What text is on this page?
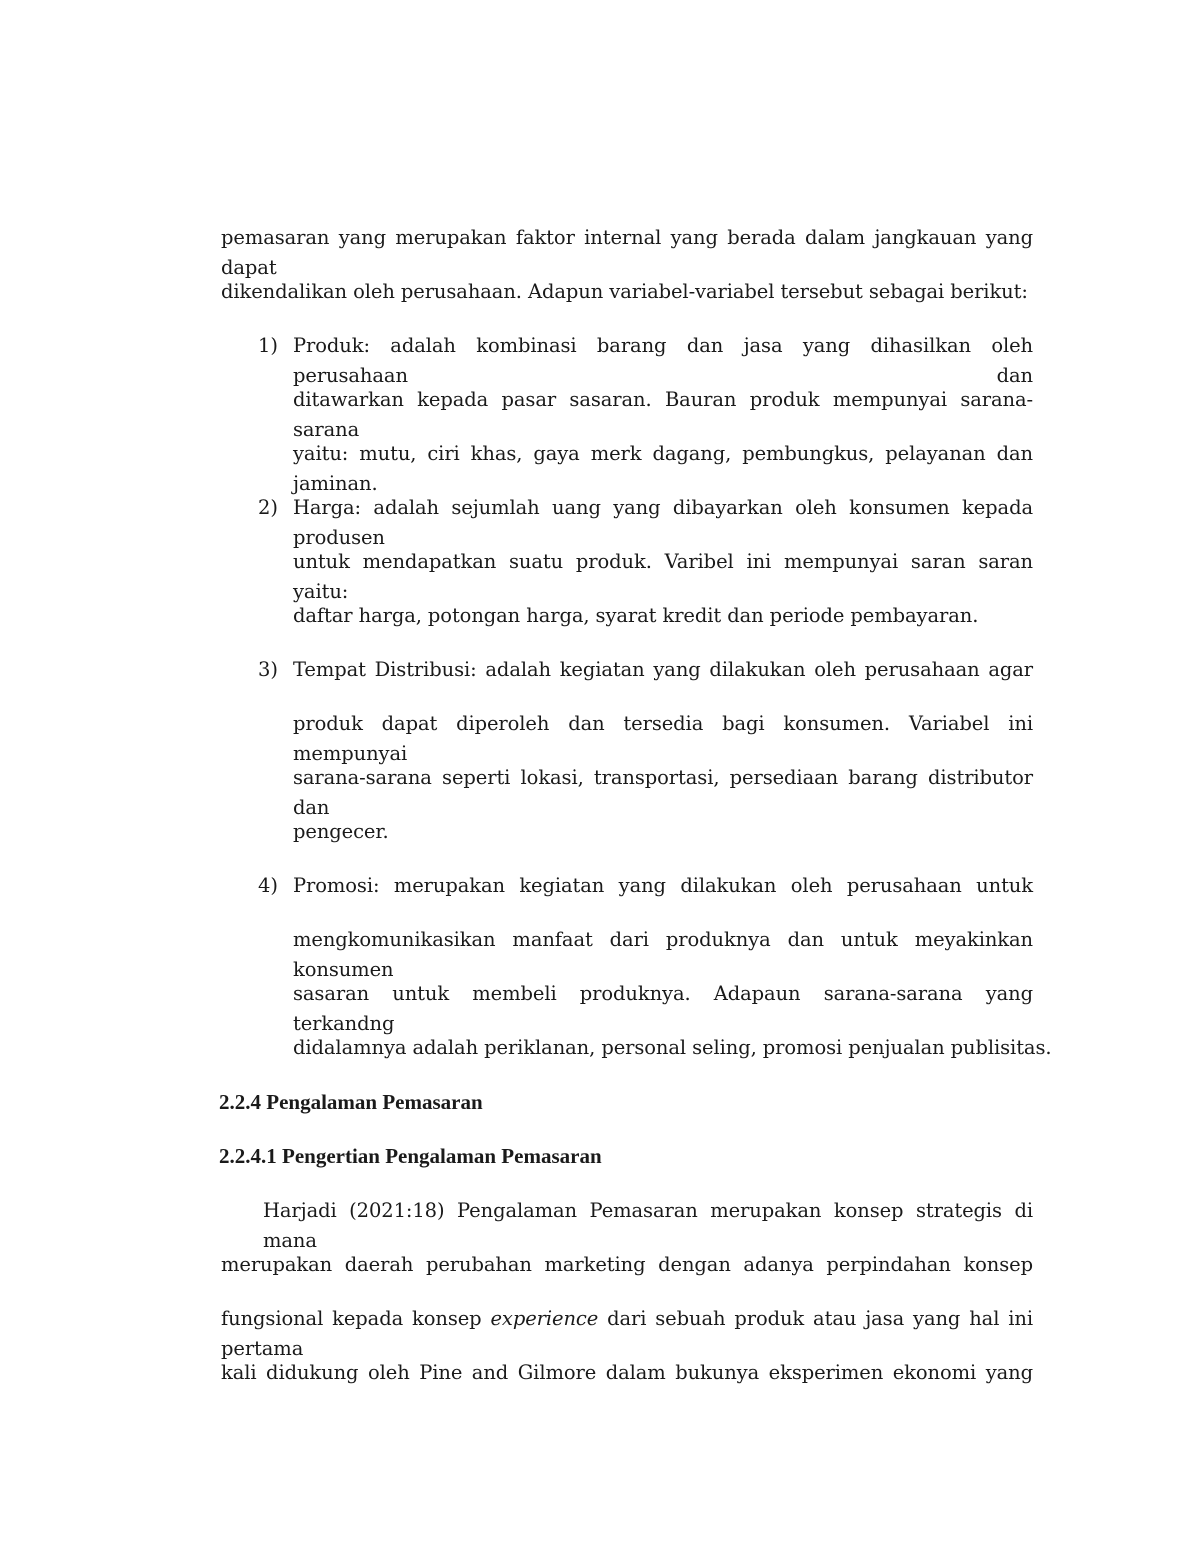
pemasaran yang merupakan faktor internal yang berada dalam jangkauan yang dapat
dikendalikan oleh perusahaan. Adapun variabel-variabel tersebut sebagai berikut:
1) Produk: adalah kombinasi barang dan jasa yang dihasilkan oleh perusahaan dan
ditawarkan kepada pasar sasaran. Bauran produk mempunyai sarana-sarana
yaitu: mutu, ciri khas, gaya merk dagang, pembungkus, pelayanan dan jaminan.
2) Harga: adalah sejumlah uang yang dibayarkan oleh konsumen kepada produsen
untuk mendapatkan suatu produk. Varibel ini mempunyai saran saran yaitu:
daftar harga, potongan harga, syarat kredit dan periode pembayaran.
3) Tempat Distribusi: adalah kegiatan yang dilakukan oleh perusahaan agar
produk dapat diperoleh dan tersedia bagi konsumen. Variabel ini mempunyai
sarana-sarana seperti lokasi, transportasi, persediaan barang distributor dan
pengecer.
4) Promosi: merupakan kegiatan yang dilakukan oleh perusahaan untuk
mengkomunikasikan manfaat dari produknya dan untuk meyakinkan konsumen
sasaran untuk membeli produknya. Adapaun sarana-sarana yang terkandng
didalamnya adalah periklanan, personal seling, promosi penjualan publisitas.
2.2.4 Pengalaman Pemasaran
2.2.4.1 Pengertian Pengalaman Pemasaran
Harjadi (2021:18) Pengalaman Pemasaran merupakan konsep strategis di mana
merupakan daerah perubahan marketing dengan adanya perpindahan konsep
fungsional kepada konsep experience dari sebuah produk atau jasa yang hal ini pertama
kali didukung oleh Pine and Gilmore dalam bukunya eksperimen ekonomi yang
